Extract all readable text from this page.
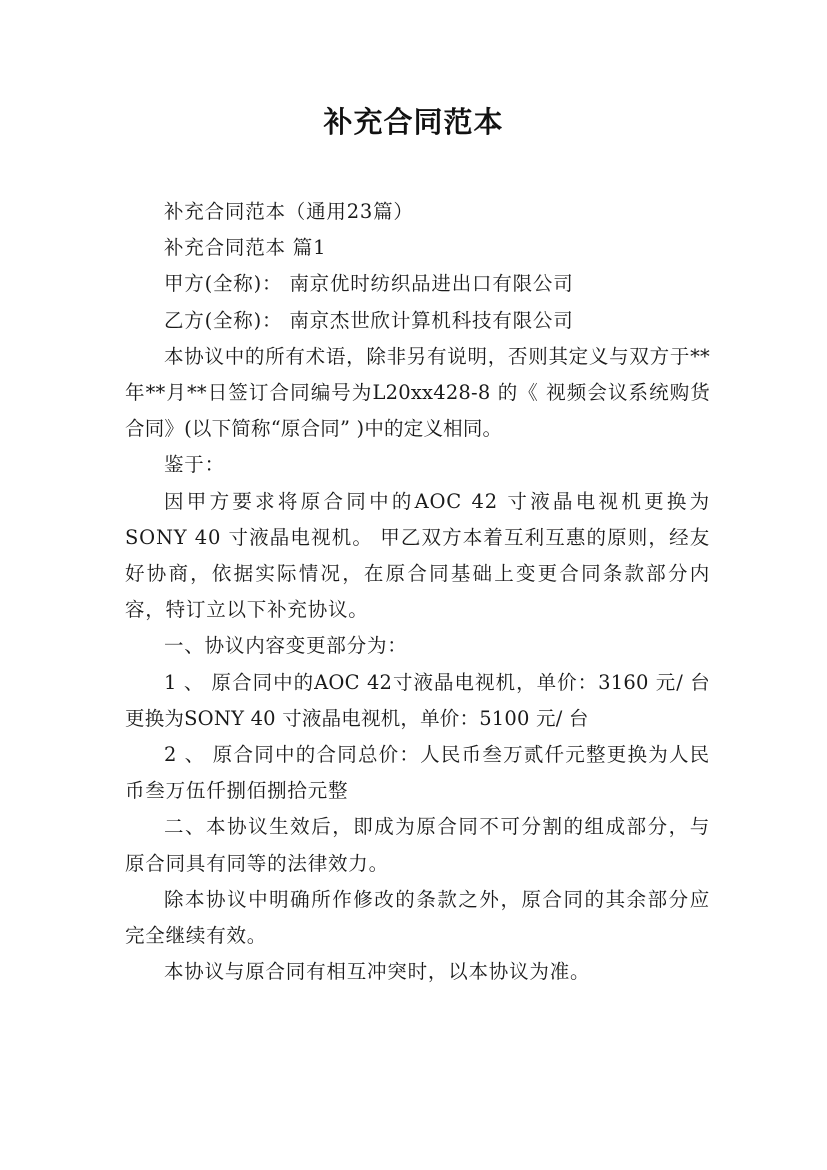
补充合同范本

补充合同范本（通用23篇）

补充合同范本 篇1

甲方(全称)： 南京优时纺织品进出口有限公司

乙方(全称)： 南京杰世欣计算机科技有限公司

本协议中的所有术语，除非另有说明，否则其定义与双方于**年**月**日签订合同编号为L20xx428-8 的《 视频会议系统购货 合同》(以下简称“原合同” )中的定义相同。

鉴于：

因甲方要求将原合同中的AOC 42 寸液晶电视机更换为SONY 40 寸液晶电视机。 甲乙双方本着互利互惠的原则，经友好协商，依据实际情况，在原合同基础上变更合同条款部分内容，特订立以下补充协议。

一、协议内容变更部分为：

1 、 原合同中的AOC 42寸液晶电视机，单价：3160 元/ 台更换为SONY 40 寸液晶电视机，单价：5100 元/ 台

2 、 原合同中的合同总价：人民币叁万贰仟元整更换为人民币叁万伍仟捌佰捌拾元整

二、本协议生效后，即成为原合同不可分割的组成部分，与原合同具有同等的法律效力。

除本协议中明确所作修改的条款之外，原合同的其余部分应完全继续有效。

本协议与原合同有相互冲突时，以本协议为准。
